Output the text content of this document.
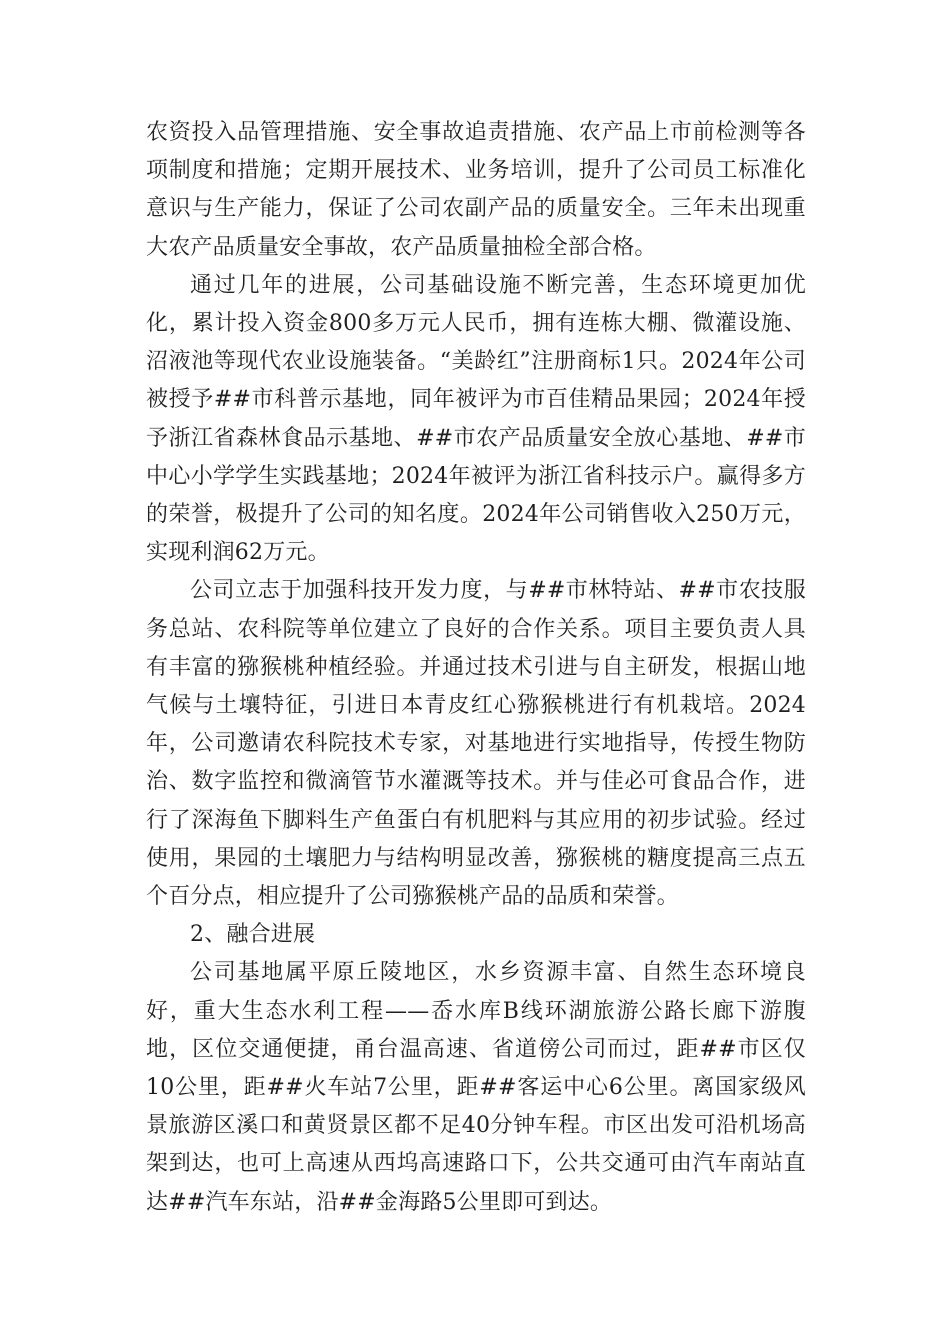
农资投入品管理措施、安全事故追责措施、农产品上市前检测等各项制度和措施；定期开展技术、业务培训，提升了公司员工标准化意识与生产能力，保证了公司农副产品的质量安全。三年未出现重大农产品质量安全事故，农产品质量抽检全部合格。

通过几年的进展，公司基础设施不断完善，生态环境更加优化，累计投入资金800多万元人民币，拥有连栋大棚、微灌设施、沼液池等现代农业设施装备。“美龄红”注册商标1只。2024年公司被授予##市科普示基地，同年被评为市百佳精品果园；2024年授予浙江省森林食品示基地、##市农产品质量安全放心基地、##市中心小学学生实践基地；2024年被评为浙江省科技示户。赢得多方的荣誉，极提升了公司的知名度。2024年公司销售收入250万元，实现利润62万元。

公司立志于加强科技开发力度，与##市林特站、##市农技服务总站、农科院等单位建立了良好的合作关系。项目主要负责人具有丰富的猕猴桃种植经验。并通过技术引进与自主研发，根据山地气候与土壤特征，引进日本青皮红心猕猴桃进行有机栽培。2024年，公司邀请农科院技术专家，对基地进行实地指导，传授生物防治、数字监控和微滴管节水灌溉等技术。并与佳必可食品合作，进行了深海鱼下脚料生产鱼蛋白有机肥料与其应用的初步试验。经过使用，果园的土壤肥力与结构明显改善，猕猴桃的糖度提高三点五个百分点，相应提升了公司猕猴桃产品的品质和荣誉。

2、融合进展

公司基地属平原丘陵地区，水乡资源丰富、自然生态环境良好，重大生态水利工程——岙水库B线环湖旅游公路长廊下游腹地，区位交通便捷，甬台温高速、省道傍公司而过，距##市区仅10公里，距##火车站7公里，距##客运中心6公里。离国家级风景旅游区溪口和黄贤景区都不足40分钟车程。市区出发可沿机场高架到达，也可上高速从西坞高速路口下，公共交通可由汽车南站直达##汽车东站，沿##金海路5公里即可到达。
